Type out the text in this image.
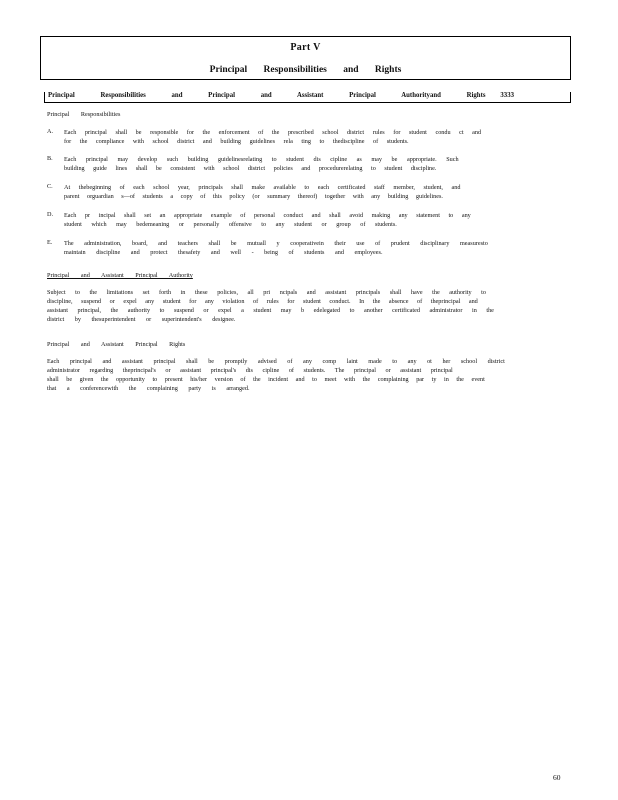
Part V
Principal Responsibilities and Rights
Principal Responsibilities and Principal and Assistant Principal Authorityand Rights 3333
Principal Responsibilities
A. Each principal shall be responsible for the enforcement of the prescribed school district rules for student condu ct and
for the compliance with school district and building guidelines rela ting to thediscipline of students.
B. Each principal may develop such building guidelinesrelating to student dis cipline as may be appropriate. Such
building guide lines shall be consistent with school district policies and procedurerelating to student discipline.
C. At thebeginning of each school year, principals shall make available to each certificated staff member, student, and
parent orguardian s—of students a copy of this policy (or summary thereof) together with any building guidelines.
D. Each pr incipal shall set an appropriate example of personal conduct and shall avoid making any statement to any
student which may bedemeaning or personally offensive to any student or group of students.
E. The administration, board, and teachers shall be mutuall y cooperativein their use of prudent disciplinary measuresto
maintain discipline and protect thesafety and well - being of students and employees.
Principal and Assistant Principal Authority
Subject to the limitations set forth in these policies, all pri ncipals and assistant principals shall have the authority to
discipline, suspend or expel any student for any violation of rules for student conduct. In the absence of theprincipal and
assistant principal, the authority to suspend or expel a student may b edelegated to another certificated administrator in the
district by thesuperintendent or superintendent's designee.
Principal and Assistant Principal Rights
Each principal and assistant principal shall be promptly advised of any comp laint made to any ot her school district
administrator regarding theprincipal's or assistant principal's dis cipline of students. The principal or assistant principal
shall be given the opportunity to present his/her version of the incident and to meet with the complaining par ty in the event
that a conferencewith the complaining party is arranged.
60
